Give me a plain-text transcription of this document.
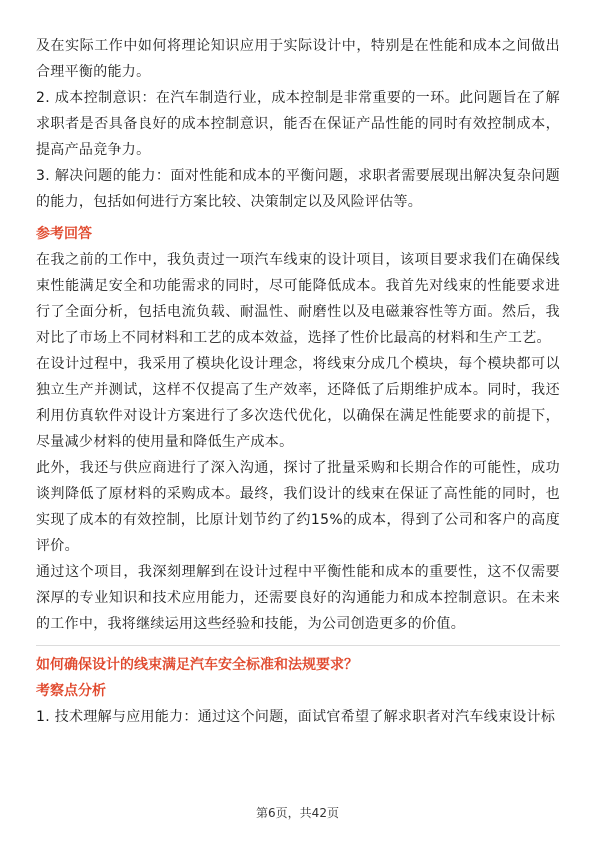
及在实际工作中如何将理论知识应用于实际设计中，特别是在性能和成本之间做出合理平衡的能力。

2. 成本控制意识：在汽车制造行业，成本控制是非常重要的一环。此问题旨在了解求职者是否具备良好的成本控制意识，能否在保证产品性能的同时有效控制成本，提高产品竞争力。

3. 解决问题的能力：面对性能和成本的平衡问题，求职者需要展现出解决复杂问题的能力，包括如何进行方案比较、决策制定以及风险评估等。

参考回答

在我之前的工作中，我负责过一项汽车线束的设计项目，该项目要求我们在确保线束性能满足安全和功能需求的同时，尽可能降低成本。我首先对线束的性能要求进行了全面分析，包括电流负载、耐温性、耐磨性以及电磁兼容性等方面。然后，我对比了市场上不同材料和工艺的成本效益，选择了性价比最高的材料和生产工艺。

在设计过程中，我采用了模块化设计理念，将线束分成几个模块，每个模块都可以独立生产并测试，这样不仅提高了生产效率，还降低了后期维护成本。同时，我还利用仿真软件对设计方案进行了多次迭代优化，以确保在满足性能要求的前提下，尽量减少材料的使用量和降低生产成本。

此外，我还与供应商进行了深入沟通，探讨了批量采购和长期合作的可能性，成功谈判降低了原材料的采购成本。最终，我们设计的线束在保证了高性能的同时，也实现了成本的有效控制，比原计划节约了约15%的成本，得到了公司和客户的高度评价。

通过这个项目，我深刻理解到在设计过程中平衡性能和成本的重要性，这不仅需要深厚的专业知识和技术应用能力，还需要良好的沟通能力和成本控制意识。在未来的工作中，我将继续运用这些经验和技能，为公司创造更多的价值。

如何确保设计的线束满足汽车安全标准和法规要求？

考察点分析

1. 技术理解与应用能力：通过这个问题，面试官希望了解求职者对汽车线束设计标

第6页，共42页
